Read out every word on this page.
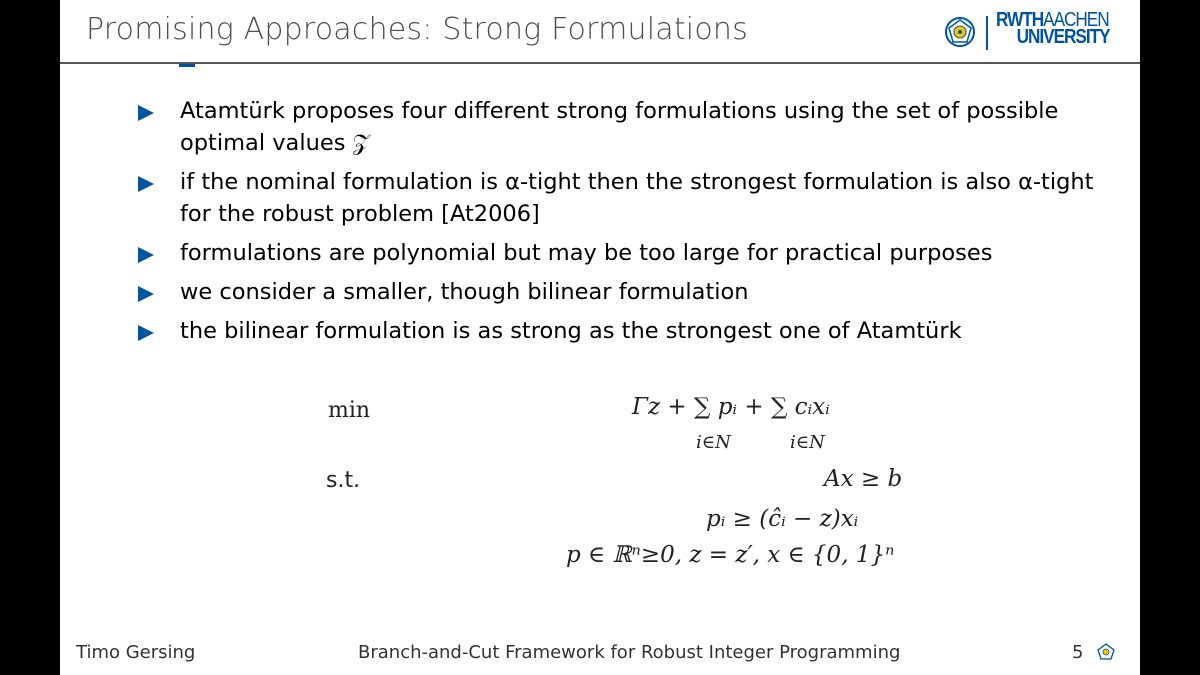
Promising Approaches: Strong Formulations	RWTHAACHEN
UNIVERSITY
Atamtürk proposes four different strong formulations using the set of possible optimal values 𝒵
if the nominal formulation is α-tight then the strongest formulation is also α-tight for the robust problem [At2006]
formulations are polynomial but may be too large for practical purposes
we consider a smaller, though bilinear formulation
the bilinear formulation is as strong as the strongest one of Atamtürk
min
s.t.
Γz + ∑ pᵢ + ∑ cᵢxᵢ
i∈N	i∈N
Ax ≥ b
pᵢ ≥ (ĉᵢ − z)xᵢ
p ∈ ℝⁿ≥0, z = z′, x ∈ {0, 1}ⁿ
Timo Gersing	Branch-and-Cut Framework for Robust Integer Programming	5
